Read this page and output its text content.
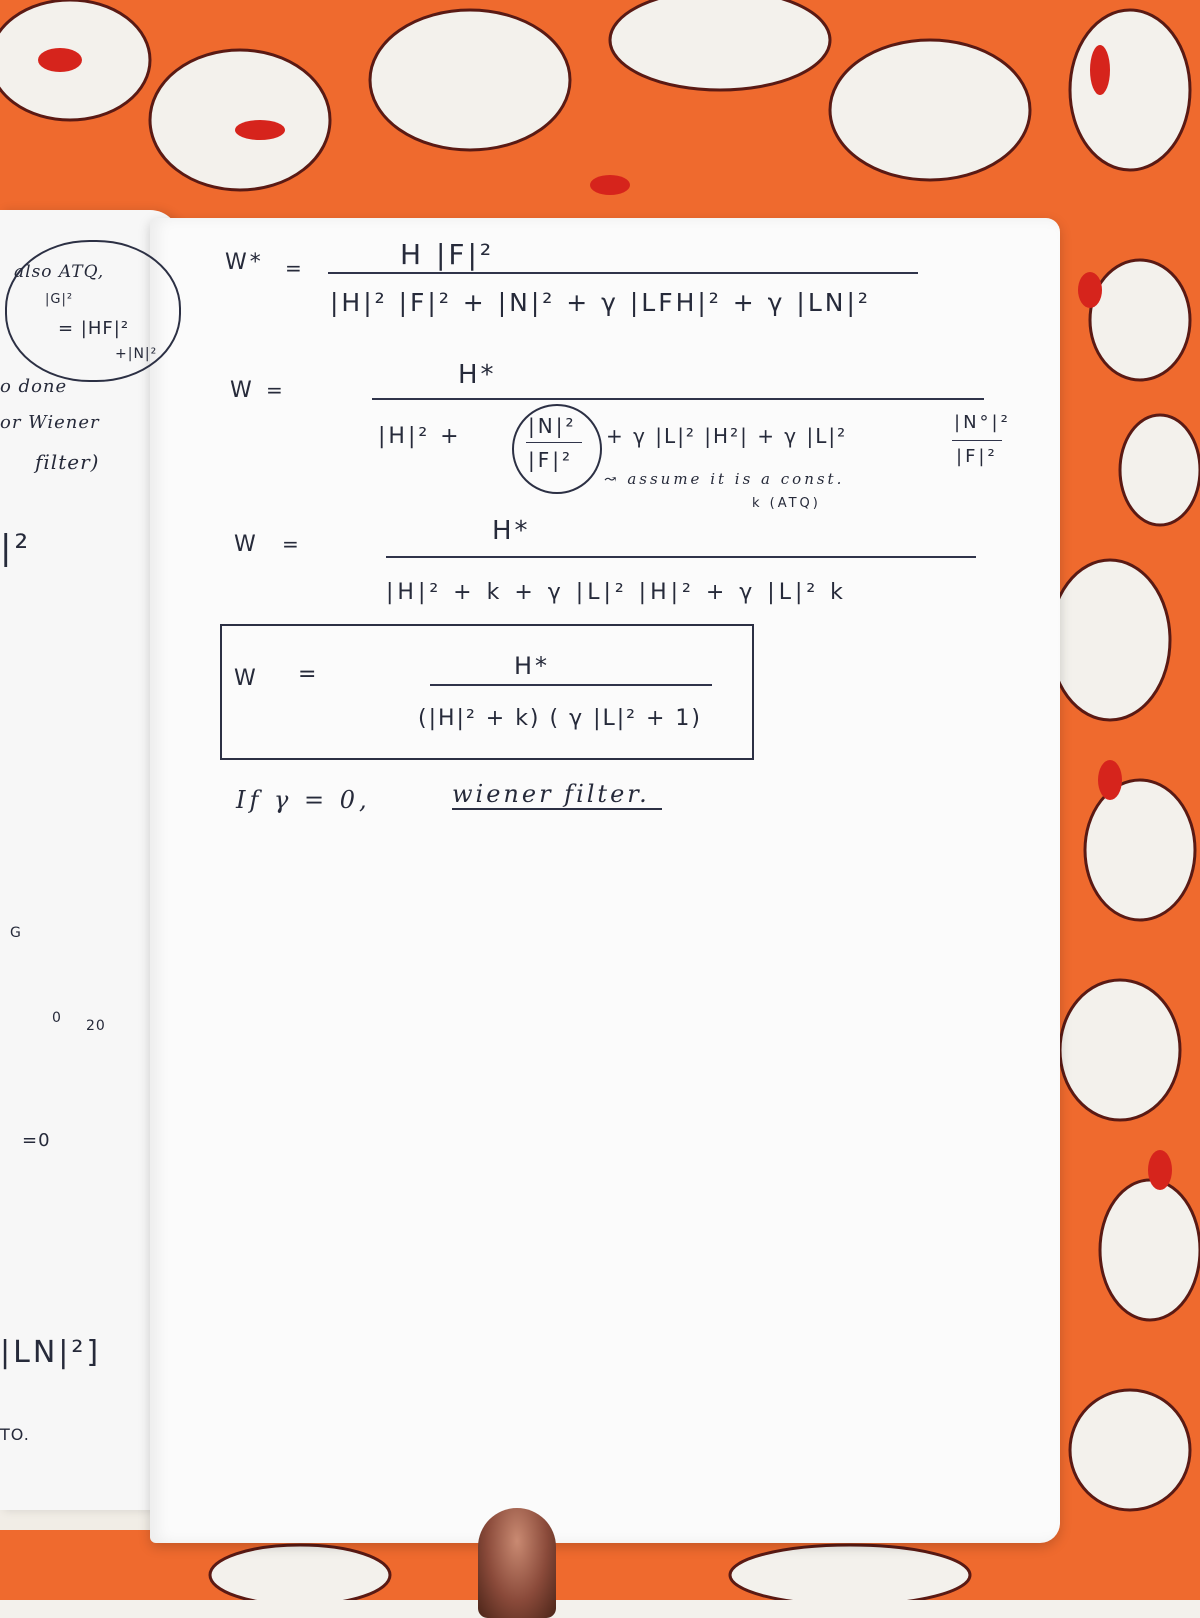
also ATQ,
|G|²
= |HF|²
+|N|²
o done
or Wiener
filter)
|²
G
0 20
=0
|LN|²]
TO.
W* =	H |F|²
|H|² |F|² + |N|² + γ |LFH|² + γ |LN|²
W =	H*
|H|² +	|N|²
|F|²
+ γ |L|² |H²| + γ |L|²
|N°|²
|F|²
↝ assume it is a const.
k (ATQ)
W =	H*
|H|² + k + γ |L|² |H|² + γ |L|² k
W =	H*
(|H|² + k) ( γ |L|² + 1)
If γ = 0,	wiener filter.
